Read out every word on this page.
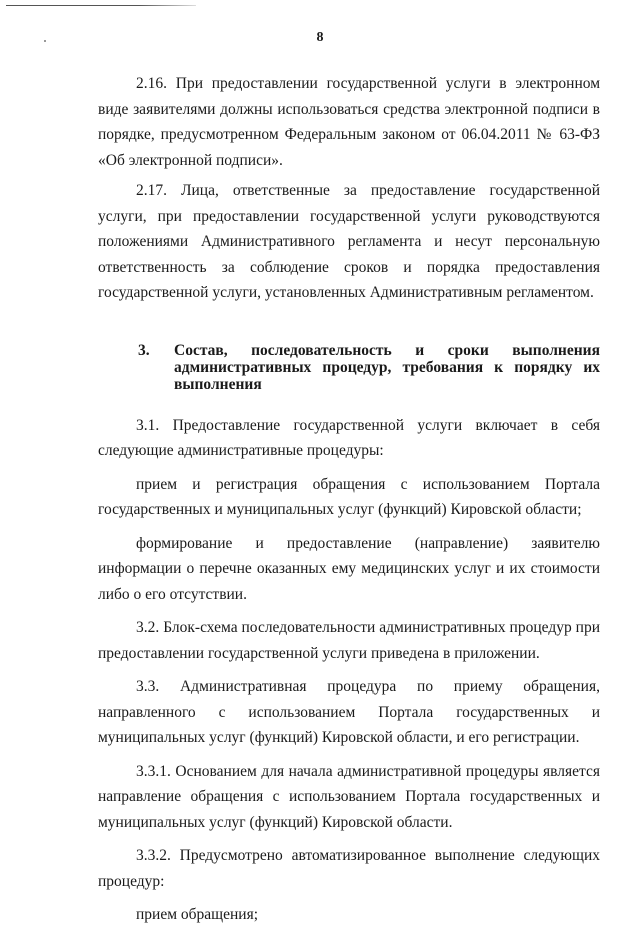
8

2.16. При предоставлении государственной услуги в электронном виде заявителями должны использоваться средства электронной подписи в порядке, предусмотренном Федеральным законом от 06.04.2011 № 63-ФЗ «Об электронной подписи».

2.17. Лица, ответственные за предоставление государственной услуги, при предоставлении государственной услуги руководствуются положениями Административного регламента и несут персональную ответственность за соблюдение сроков и порядка предоставления государственной услуги, установленных Административным регламентом.

3.	Состав, последовательность и сроки выполнения административных процедур, требования к порядку их выполнения

3.1. Предоставление государственной услуги включает в себя следующие административные процедуры:

прием и регистрация обращения с использованием Портала государственных и муниципальных услуг (функций) Кировской области;

формирование и предоставление (направление) заявителю информации о перечне оказанных ему медицинских услуг и их стоимости либо о его отсутствии.

3.2. Блок-схема последовательности административных процедур при предоставлении государственной услуги приведена в приложении.

3.3. Административная процедура по приему обращения, направленного с использованием Портала государственных и муниципальных услуг (функций) Кировской области, и его регистрации.

3.3.1. Основанием для начала административной процедуры является направление обращения с использованием Портала государственных и муниципальных услуг (функций) Кировской области.

3.3.2. Предусмотрено автоматизированное выполнение следующих процедур:

прием обращения;
